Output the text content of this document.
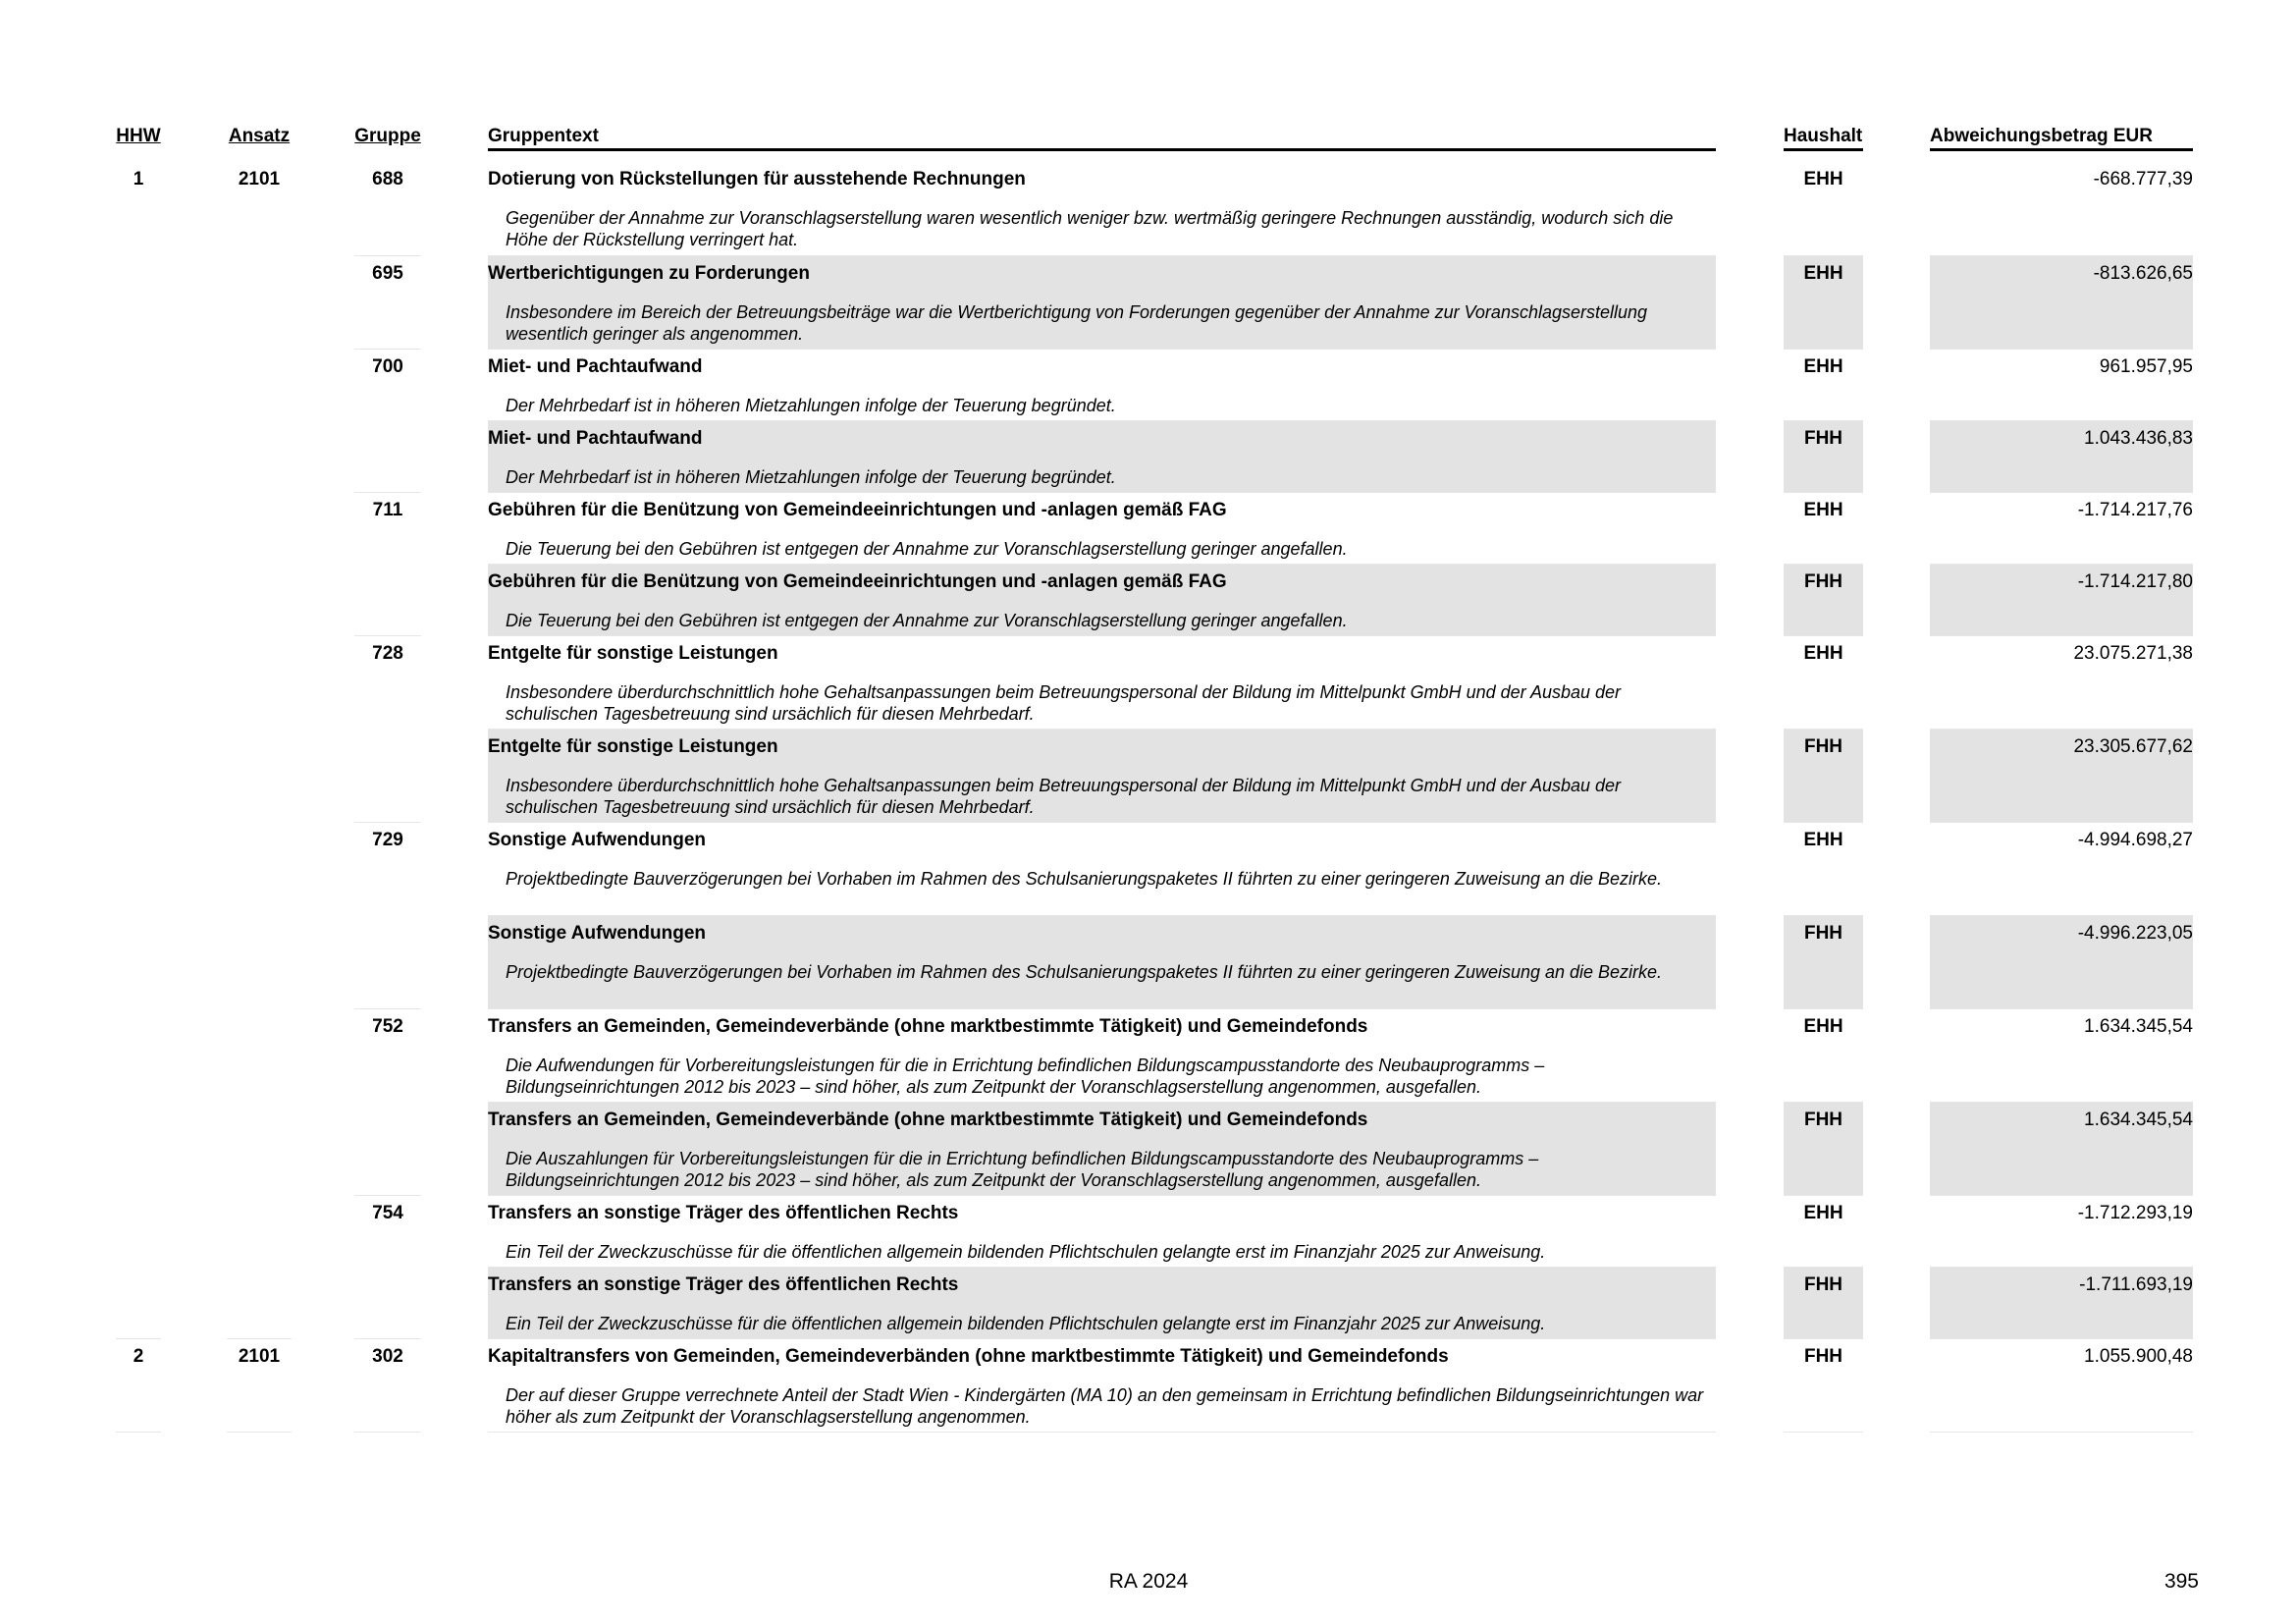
HHW	Ansatz	Gruppe	Gruppentext	Haushalt	Abweichungsbetrag EUR
1	2101	688	Dotierung von Rückstellungen für ausstehende Rechnungen
Gegenüber der Annahme zur Voranschlagserstellung waren wesentlich weniger bzw. wertmäßig geringere Rechnungen ausständig, wodurch sich die Höhe der Rückstellung verringert hat.
EHH	-668.777,39
695	Wertberichtigungen zu Forderungen
Insbesondere im Bereich der Betreuungsbeiträge war die Wertberichtigung von Forderungen gegenüber der Annahme zur Voranschlagserstellung wesentlich geringer als angenommen.
EHH	-813.626,65
700	Miet- und Pachtaufwand
Der Mehrbedarf ist in höheren Mietzahlungen infolge der Teuerung begründet.
EHH	961.957,95
Miet- und Pachtaufwand
Der Mehrbedarf ist in höheren Mietzahlungen infolge der Teuerung begründet.
FHH	1.043.436,83
711	Gebühren für die Benützung von Gemeindeeinrichtungen und -anlagen gemäß FAG
Die Teuerung bei den Gebühren ist entgegen der Annahme zur Voranschlagserstellung geringer angefallen.
EHH	-1.714.217,76
Gebühren für die Benützung von Gemeindeeinrichtungen und -anlagen gemäß FAG
Die Teuerung bei den Gebühren ist entgegen der Annahme zur Voranschlagserstellung geringer angefallen.
FHH	-1.714.217,80
728	Entgelte für sonstige Leistungen
Insbesondere überdurchschnittlich hohe Gehaltsanpassungen beim Betreuungspersonal der Bildung im Mittelpunkt GmbH und der Ausbau der schulischen Tagesbetreuung sind ursächlich für diesen Mehrbedarf.
EHH	23.075.271,38
Entgelte für sonstige Leistungen
Insbesondere überdurchschnittlich hohe Gehaltsanpassungen beim Betreuungspersonal der Bildung im Mittelpunkt GmbH und der Ausbau der schulischen Tagesbetreuung sind ursächlich für diesen Mehrbedarf.
FHH	23.305.677,62
729	Sonstige Aufwendungen
Projektbedingte Bauverzögerungen bei Vorhaben im Rahmen des Schulsanierungspaketes II führten zu einer geringeren Zuweisung an die Bezirke.
EHH	-4.994.698,27
Sonstige Aufwendungen
Projektbedingte Bauverzögerungen bei Vorhaben im Rahmen des Schulsanierungspaketes II führten zu einer geringeren Zuweisung an die Bezirke.
FHH	-4.996.223,05
752	Transfers an Gemeinden, Gemeindeverbände (ohne marktbestimmte Tätigkeit) und Gemeindefonds
Die Aufwendungen für Vorbereitungsleistungen für die in Errichtung befindlichen Bildungscampusstandorte des Neubauprogramms – Bildungseinrichtungen 2012 bis 2023 – sind höher, als zum Zeitpunkt der Voranschlagserstellung angenommen, ausgefallen.
EHH	1.634.345,54
Transfers an Gemeinden, Gemeindeverbände (ohne marktbestimmte Tätigkeit) und Gemeindefonds
Die Auszahlungen für Vorbereitungsleistungen für die in Errichtung befindlichen Bildungscampusstandorte des Neubauprogramms – Bildungseinrichtungen 2012 bis 2023 – sind höher, als zum Zeitpunkt der Voranschlagserstellung angenommen, ausgefallen.
FHH	1.634.345,54
754	Transfers an sonstige Träger des öffentlichen Rechts
Ein Teil der Zweckzuschüsse für die öffentlichen allgemein bildenden Pflichtschulen gelangte erst im Finanzjahr 2025 zur Anweisung.
EHH	-1.712.293,19
Transfers an sonstige Träger des öffentlichen Rechts
Ein Teil der Zweckzuschüsse für die öffentlichen allgemein bildenden Pflichtschulen gelangte erst im Finanzjahr 2025 zur Anweisung.
FHH	-1.711.693,19
2	2101	302	Kapitaltransfers von Gemeinden, Gemeindeverbänden (ohne marktbestimmte Tätigkeit) und Gemeindefonds
Der auf dieser Gruppe verrechnete Anteil der Stadt Wien - Kindergärten (MA 10) an den gemeinsam in Errichtung befindlichen Bildungseinrichtungen war höher als zum Zeitpunkt der Voranschlagserstellung angenommen.
FHH	1.055.900,48
RA 2024	395
